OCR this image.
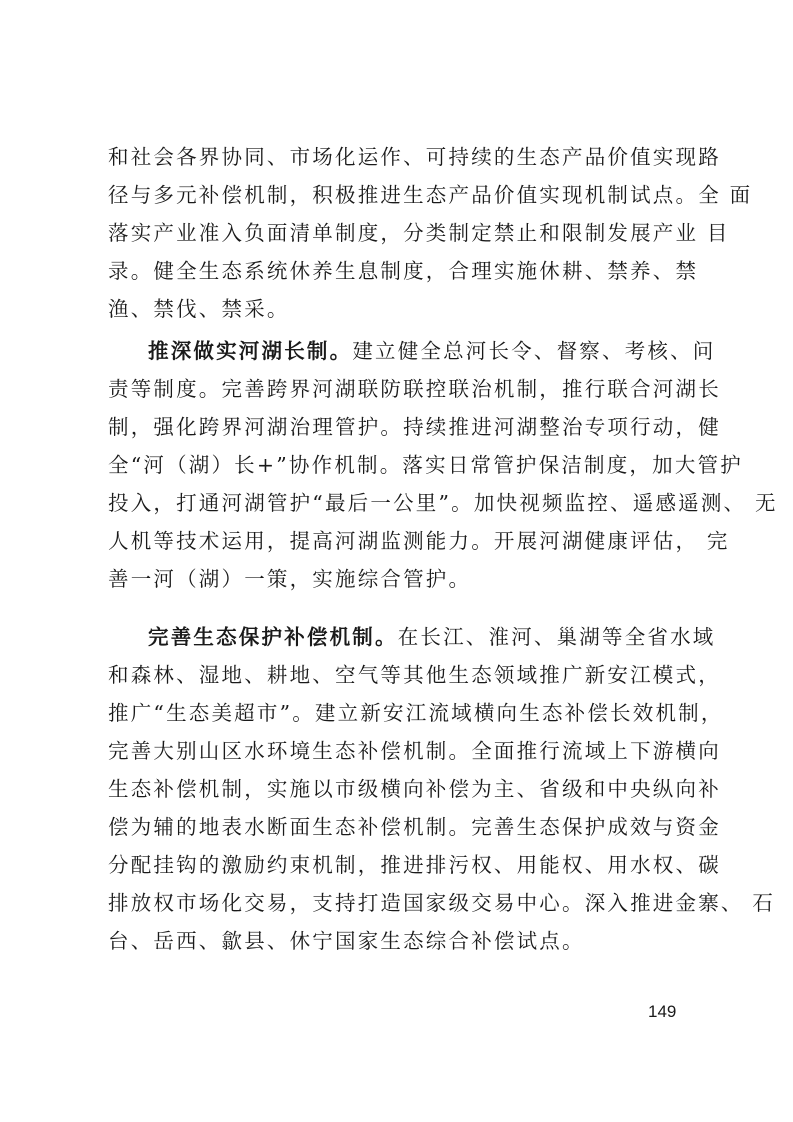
和社会各界协同、市场化运作、可持续的生态产品价值实现路
径与多元补偿机制，积极推进生态产品价值实现机制试点。全 面
落实产业准入负面清单制度，分类制定禁止和限制发展产业 目
录。健全生态系统休养生息制度，合理实施休耕、禁养、禁
渔、禁伐、禁采。
推深做实河湖长制。建立健全总河长令、督察、考核、问
责等制度。完善跨界河湖联防联控联治机制，推行联合河湖长
制，强化跨界河湖治理管护。持续推进河湖整治专项行动，健
全“河（湖）长+”协作机制。落实日常管护保洁制度，加大管护
投入，打通河湖管护“最后一公里”。加快视频监控、遥感遥测、 无
人机等技术运用，提高河湖监测能力。开展河湖健康评估， 完
善一河（湖）一策，实施综合管护。
完善生态保护补偿机制。在长江、淮河、巢湖等全省水域
和森林、湿地、耕地、空气等其他生态领域推广新安江模式，
推广“生态美超市”。建立新安江流域横向生态补偿长效机制，
完善大别山区水环境生态补偿机制。全面推行流域上下游横向
生态补偿机制，实施以市级横向补偿为主、省级和中央纵向补
偿为辅的地表水断面生态补偿机制。完善生态保护成效与资金
分配挂钩的激励约束机制，推进排污权、用能权、用水权、碳
排放权市场化交易，支持打造国家级交易中心。深入推进金寨、 石
台、岳西、歙县、休宁国家生态综合补偿试点。
149
